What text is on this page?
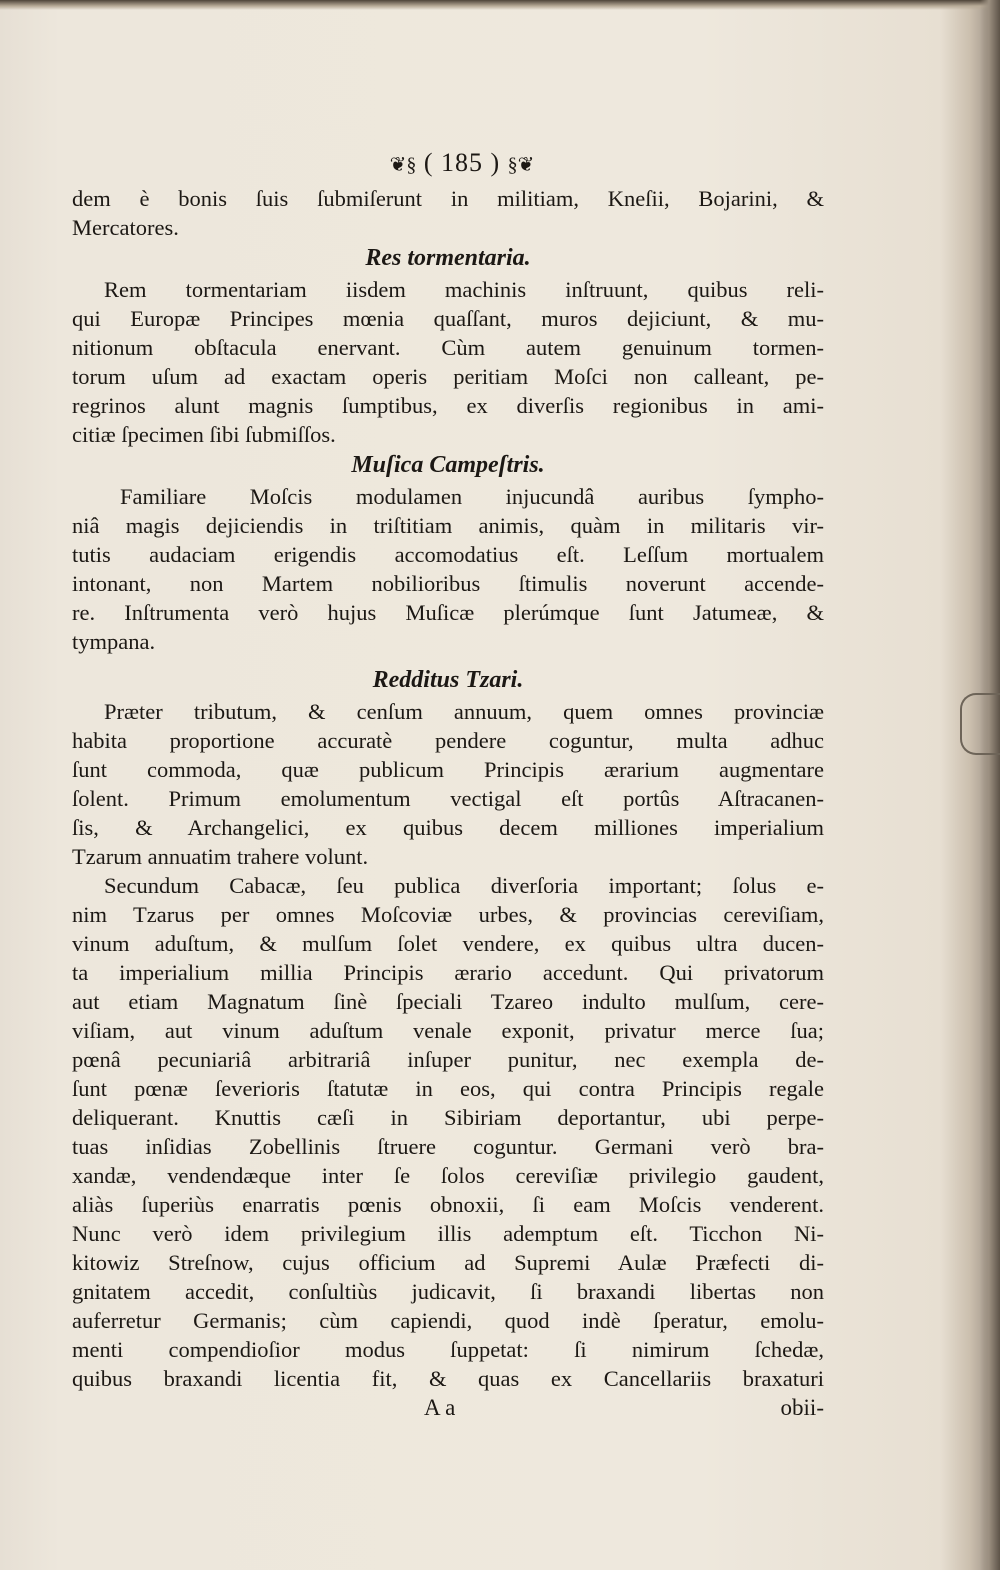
❦§ ( 185 ) §❦
dem è bonis ſuis ſubmiſerunt in militiam, Kneſii, Bojarini, &
Mercatores.
Res tormentaria.
Rem tormentariam iisdem machinis inſtruunt, quibus reli-
qui Europæ Principes mœnia quaſſant, muros dejiciunt, & mu-
nitionum obſtacula enervant. Cùm autem genuinum tormen-
torum uſum ad exactam operis peritiam Moſci non calleant, pe-
regrinos alunt magnis ſumptibus, ex diverſis regionibus in ami-
citiæ ſpecimen ſibi ſubmiſſos.
Muſica Campeſtris.
Familiare Moſcis modulamen injucundâ auribus ſympho-
niâ magis dejiciendis in triſtitiam animis, quàm in militaris vir-
tutis audaciam erigendis accomodatius eſt. Leſſum mortualem
intonant, non Martem nobilioribus ſtimulis noverunt accende-
re. Inſtrumenta verò hujus Muſicæ plerúmque ſunt Jatumeæ, &
tympana.
Redditus Tzari.
Præter tributum, & cenſum annuum, quem omnes provinciæ
habita proportione accuratè pendere coguntur, multa adhuc
ſunt commoda, quæ publicum Principis ærarium augmentare
ſolent. Primum emolumentum vectigal eſt portûs Aſtracanen-
ſis, & Archangelici, ex quibus decem milliones imperialium
Tzarum annuatim trahere volunt.
Secundum Cabacæ, ſeu publica diverſoria important; ſolus e-
nim Tzarus per omnes Moſcoviæ urbes, & provincias cereviſiam,
vinum aduſtum, & mulſum ſolet vendere, ex quibus ultra ducen-
ta imperialium millia Principis ærario accedunt. Qui privatorum
aut etiam Magnatum ſinè ſpeciali Tzareo indulto mulſum, cere-
viſiam, aut vinum aduſtum venale exponit, privatur merce ſua;
pœnâ pecuniariâ arbitrariâ inſuper punitur, nec exempla de-
ſunt pœnæ ſeverioris ſtatutæ in eos, qui contra Principis regale
deliquerant. Knuttis cæſi in Sibiriam deportantur, ubi perpe-
tuas inſidias Zobellinis ſtruere coguntur. Germani verò bra-
xandæ, vendendæque inter ſe ſolos cereviſiæ privilegio gaudent,
aliàs ſuperiùs enarratis pœnis obnoxii, ſi eam Moſcis venderent.
Nunc verò idem privilegium illis ademptum eſt. Ticchon Ni-
kitowiz Streſnow, cujus officium ad Supremi Aulæ Præfecti di-
gnitatem accedit, conſultiùs judicavit, ſi braxandi libertas non
auferretur Germanis; cùm capiendi, quod indè ſperatur, emolu-
menti compendioſior modus ſuppetat: ſi nimirum ſchedæ,
quibus braxandi licentia fit, & quas ex Cancellariis braxaturi
A a	obii-
